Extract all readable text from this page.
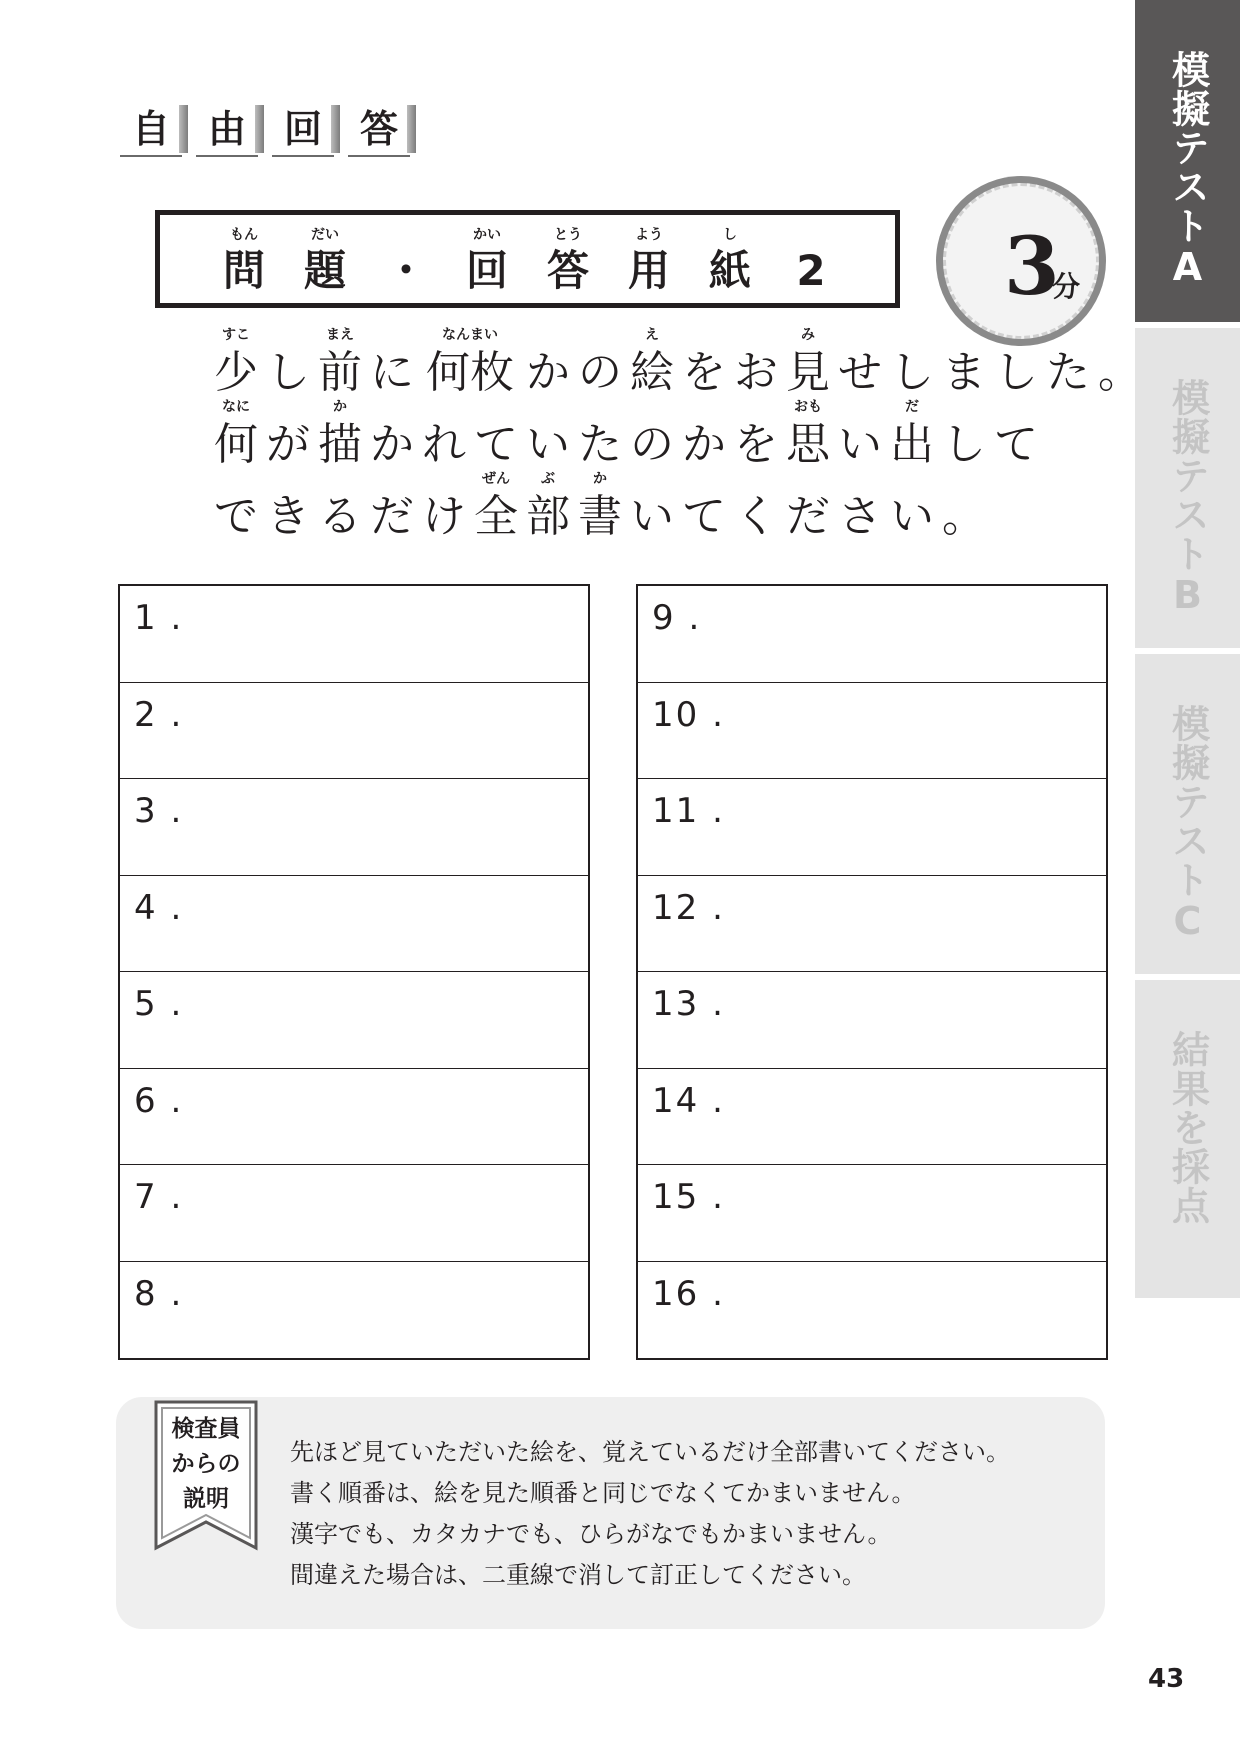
自 由 回 答
もん
問
だい
題 ・
かい
回
とう
答
よう
用
し
紙 2 3
分 模擬テストA
模擬テストB
模擬テストC
結果を採点
すこ
少 し
まえ
前 に
なんまい
何枚 か の
え
絵 を お
み
見 せ し ま し た 。
なに
何 が
か
描 か れ て い た の か を
おも
思 い
だ
出 し て
で き る だ け
ぜん
全
ぶ
部
か
書 い て く だ さ い 。
1 .
2 .
3 .
4 .
5 .
6 .
7 .
8 .
9 .
10 .
11 .
12 .
13 .
14 .
15 .
16 .
検査員
からの
説明
先ほど見ていただいた絵を、覚えているだけ全部書いてください。
書く順番は、絵を見た順番と同じでなくてかまいません。
漢字でも、カタカナでも、ひらがなでもかまいません。
間違えた場合は、二重線で消して訂正してください。
43
